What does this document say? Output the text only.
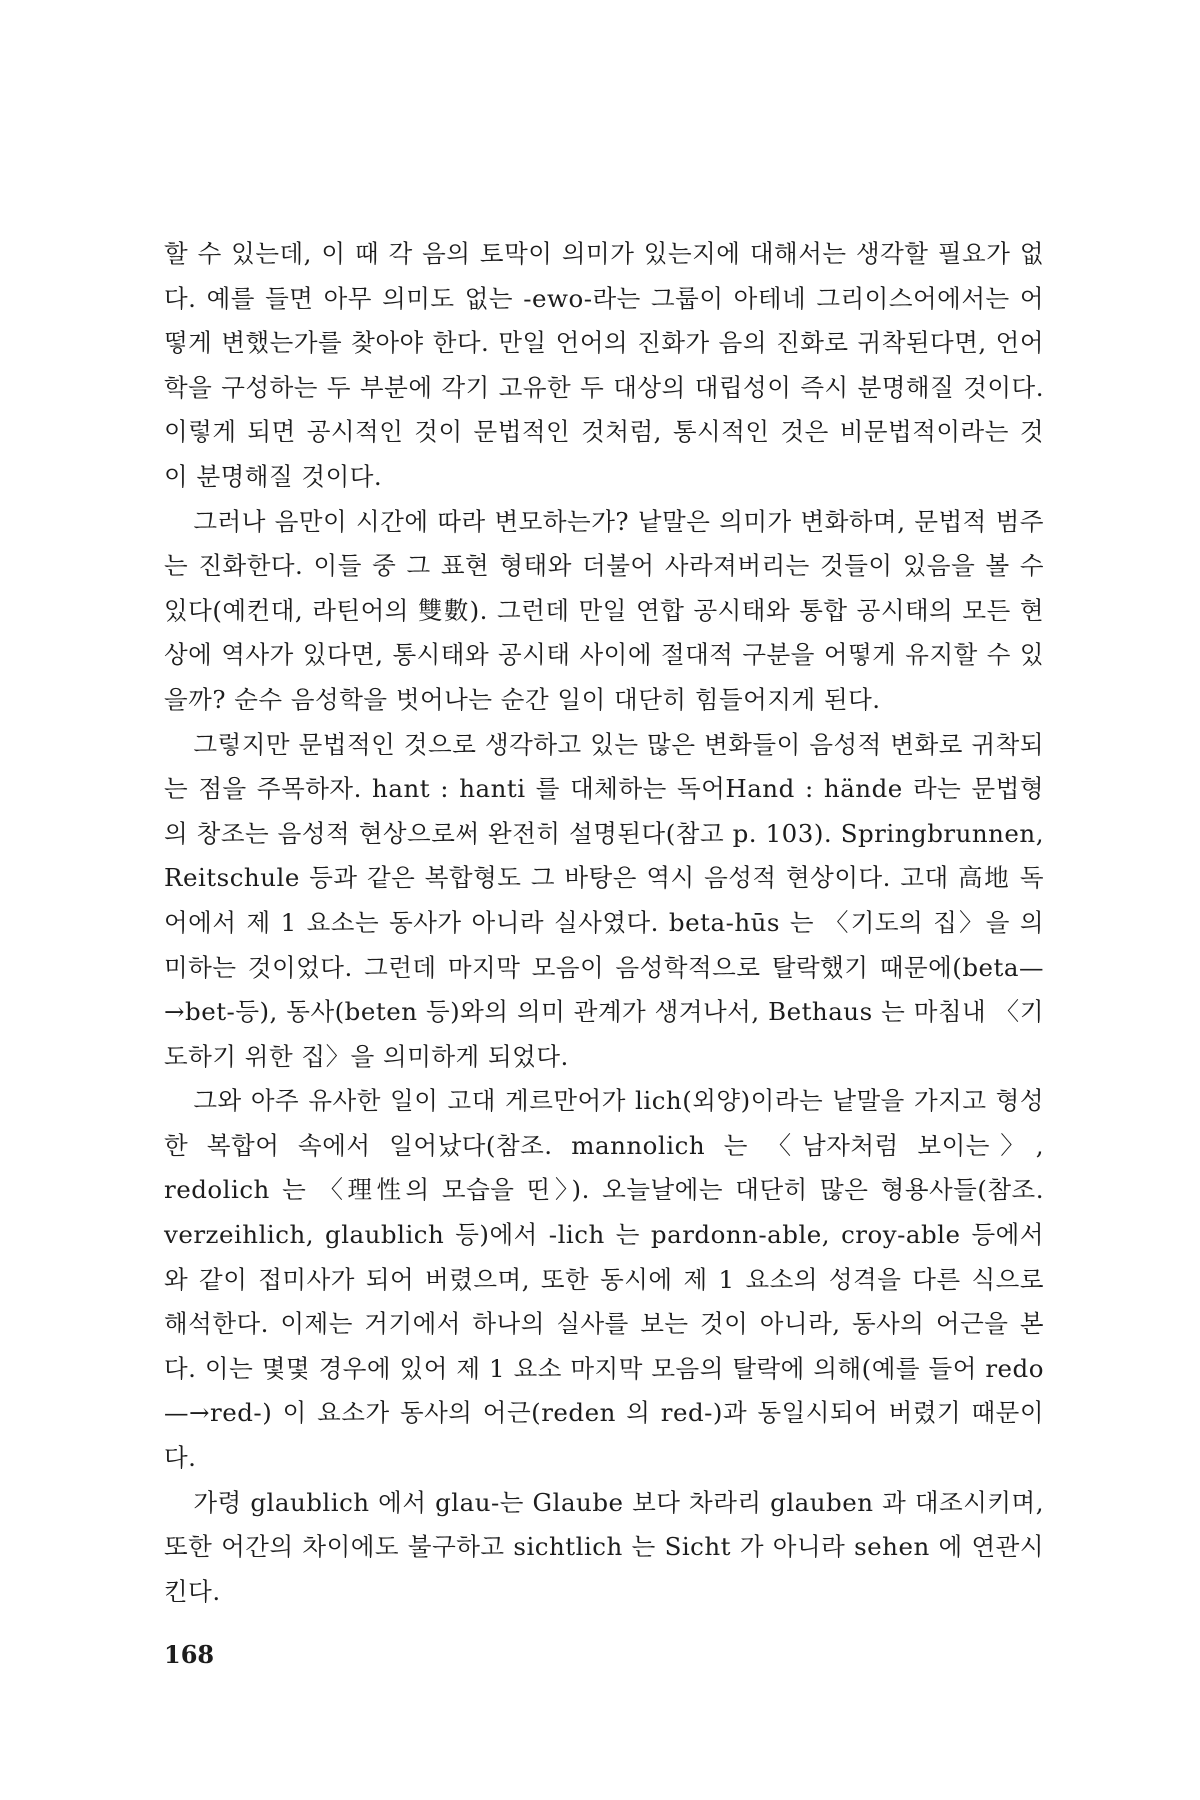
할 수 있는데, 이 때 각 음의 토막이 의미가 있는지에 대해서는 생각할 필요가 없다. 예를 들면 아무 의미도 없는 -ewo-라는 그룹이 아테네 그리이스어에서는 어떻게 변했는가를 찾아야 한다. 만일 언어의 진화가 음의 진화로 귀착된다면, 언어학을 구성하는 두 부분에 각기 고유한 두 대상의 대립성이 즉시 분명해질 것이다. 이렇게 되면 공시적인 것이 문법적인 것처럼, 통시적인 것은 비문법적이라는 것이 분명해질 것이다.

그러나 음만이 시간에 따라 변모하는가? 낱말은 의미가 변화하며, 문법적 범주는 진화한다. 이들 중 그 표현 형태와 더불어 사라져버리는 것들이 있음을 볼 수 있다(예컨대, 라틴어의 雙數). 그런데 만일 연합 공시태와 통합 공시태의 모든 현상에 역사가 있다면, 통시태와 공시태 사이에 절대적 구분을 어떻게 유지할 수 있을까? 순수 음성학을 벗어나는 순간 일이 대단히 힘들어지게 된다.

그렇지만 문법적인 것으로 생각하고 있는 많은 변화들이 음성적 변화로 귀착되는 점을 주목하자. hant : hanti 를 대체하는 독어Hand : hände 라는 문법형의 창조는 음성적 현상으로써 완전히 설명된다(참고 p. 103). Springbrunnen, Reitschule 등과 같은 복합형도 그 바탕은 역시 음성적 현상이다. 고대 高地 독어에서 제 1 요소는 동사가 아니라 실사였다. beta-hūs 는 〈기도의 집〉을 의미하는 것이었다. 그런데 마지막 모음이 음성학적으로 탈락했기 때문에(beta—→bet-등), 동사(beten 등)와의 의미 관계가 생겨나서, Bethaus 는 마침내 〈기도하기 위한 집〉을 의미하게 되었다.

그와 아주 유사한 일이 고대 게르만어가 lich(외양)이라는 낱말을 가지고 형성한 복합어 속에서 일어났다(참조. mannolich 는 〈남자처럼 보이는〉, redolich 는 〈理性의 모습을 띤〉). 오늘날에는 대단히 많은 형용사들(참조. verzeihlich, glaublich 등)에서 -lich 는 pardonn-able, croy-able 등에서와 같이 접미사가 되어 버렸으며, 또한 동시에 제 1 요소의 성격을 다른 식으로 해석한다. 이제는 거기에서 하나의 실사를 보는 것이 아니라, 동사의 어근을 본다. 이는 몇몇 경우에 있어 제 1 요소 마지막 모음의 탈락에 의해(예를 들어 redo—→red-) 이 요소가 동사의 어근(reden 의 red-)과 동일시되어 버렸기 때문이다.

가령 glaublich 에서 glau-는 Glaube 보다 차라리 glauben 과 대조시키며, 또한 어간의 차이에도 불구하고 sichtlich 는 Sicht 가 아니라 sehen 에 연관시킨다.

168
